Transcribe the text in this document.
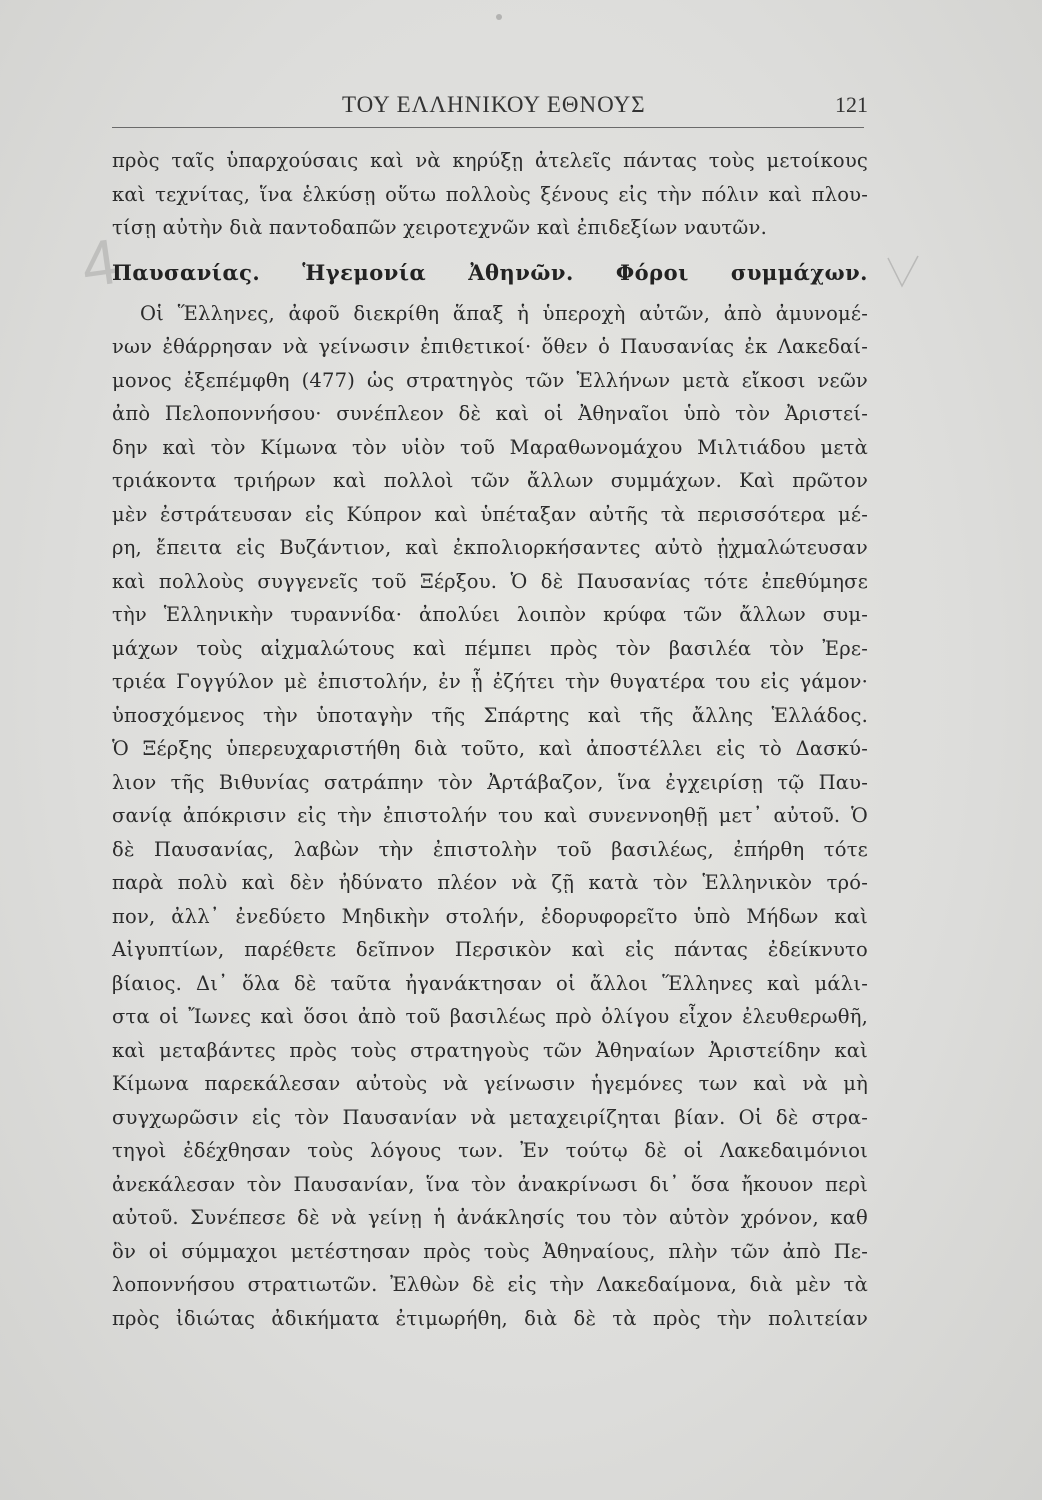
ΤΟΥ ΕΛΛΗΝΙΚΟΥ ΕΘΝΟΥΣ	121
4
πρὸς ταῖς ὑπαρχούσαις καὶ νὰ κηρύξῃ ἀτελεῖς πάντας τοὺς μετοίκους
καὶ τεχνίτας, ἵνα ἑλκύσῃ οὕτω πολλοὺς ξένους εἰς τὴν πόλιν καὶ πλου-
τίσῃ αὐτὴν διὰ παντοδαπῶν χειροτεχνῶν καὶ ἐπιδεξίων ναυτῶν.
Παυσανίας. Ἡγεμονία Ἀθηνῶν. Φόροι συμμάχων.
Οἱ Ἕλληνες, ἀφοῦ διεκρίθη ἅπαξ ἡ ὑπεροχὴ αὐτῶν, ἀπὸ ἀμυνομέ-
νων ἐθάρρησαν νὰ γείνωσιν ἐπιθετικοί· ὅθεν ὁ Παυσανίας ἐκ Λακεδαί-
μονος ἐξεπέμφθη (477) ὡς στρατηγὸς τῶν Ἑλλήνων μετὰ εἴκοσι νεῶν
ἀπὸ Πελοποννήσου· συνέπλεον δὲ καὶ οἱ Ἀθηναῖοι ὑπὸ τὸν Ἀριστεί-
δην καὶ τὸν Κίμωνα τὸν υἱὸν τοῦ Μαραθωνομάχου Μιλτιάδου μετὰ
τριάκοντα τριήρων καὶ πολλοὶ τῶν ἄλλων συμμάχων. Καὶ πρῶτον
μὲν ἐστράτευσαν εἰς Κύπρον καὶ ὑπέταξαν αὐτῆς τὰ περισσότερα μέ-
ρη, ἔπειτα εἰς Βυζάντιον, καὶ ἐκπολιορκήσαντες αὐτὸ ᾐχμαλώτευσαν
καὶ πολλοὺς συγγενεῖς τοῦ Ξέρξου. Ὁ δὲ Παυσανίας τότε ἐπεθύμησε
τὴν Ἑλληνικὴν τυραννίδα· ἀπολύει λοιπὸν κρύφα τῶν ἄλλων συμ-
μάχων τοὺς αἰχμαλώτους καὶ πέμπει πρὸς τὸν βασιλέα τὸν Ἐρε-
τριέα Γογγύλον μὲ ἐπιστολήν, ἐν ᾗ ἐζήτει τὴν θυγατέρα του εἰς γάμον·
ὑποσχόμενος τὴν ὑποταγὴν τῆς Σπάρτης καὶ τῆς ἄλλης Ἑλλάδος.
Ὁ Ξέρξης ὑπερευχαριστήθη διὰ τοῦτο, καὶ ἀποστέλλει εἰς τὸ Δασκύ-
λιον τῆς Βιθυνίας σατράπην τὸν Ἀρτάβαζον, ἵνα ἐγχειρίσῃ τῷ Παυ-
σανίᾳ ἀπόκρισιν εἰς τὴν ἐπιστολήν του καὶ συνεννοηθῇ μετ᾽ αὐτοῦ. Ὁ
δὲ Παυσανίας, λαβὼν τὴν ἐπιστολὴν τοῦ βασιλέως, ἐπήρθη τότε
παρὰ πολὺ καὶ δὲν ἠδύνατο πλέον νὰ ζῇ κατὰ τὸν Ἑλληνικὸν τρό-
πον, ἀλλ᾽ ἐνεδύετο Μηδικὴν στολήν, ἐδορυφορεῖτο ὑπὸ Μήδων καὶ
Αἰγυπτίων, παρέθετε δεῖπνον Περσικὸν καὶ εἰς πάντας ἐδείκνυτο
βίαιος. Δι᾽ ὅλα δὲ ταῦτα ἠγανάκτησαν οἱ ἄλλοι Ἕλληνες καὶ μάλι-
στα οἱ Ἴωνες καὶ ὅσοι ἀπὸ τοῦ βασιλέως πρὸ ὀλίγου εἶχον ἐλευθερωθῆ,
καὶ μεταβάντες πρὸς τοὺς στρατηγοὺς τῶν Ἀθηναίων Ἀριστείδην καὶ
Κίμωνα παρεκάλεσαν αὐτοὺς νὰ γείνωσιν ἡγεμόνες των καὶ νὰ μὴ
συγχωρῶσιν εἰς τὸν Παυσανίαν νὰ μεταχειρίζηται βίαν. Οἱ δὲ στρα-
τηγοὶ ἐδέχθησαν τοὺς λόγους των. Ἐν τούτῳ δὲ οἱ Λακεδαιμόνιοι
ἀνεκάλεσαν τὸν Παυσανίαν, ἵνα τὸν ἀνακρίνωσι δι᾽ ὅσα ἤκουον περὶ
αὐτοῦ. Συνέπεσε δὲ νὰ γείνῃ ἡ ἀνάκλησίς του τὸν αὐτὸν χρόνον, καθ
ὃν οἱ σύμμαχοι μετέστησαν πρὸς τοὺς Ἀθηναίους, πλὴν τῶν ἀπὸ Πε-
λοποννήσου στρατιωτῶν. Ἐλθὼν δὲ εἰς τὴν Λακεδαίμονα, διὰ μὲν τὰ
πρὸς ἰδιώτας ἀδικήματα ἐτιμωρήθη, διὰ δὲ τὰ πρὸς τὴν πολιτείαν
